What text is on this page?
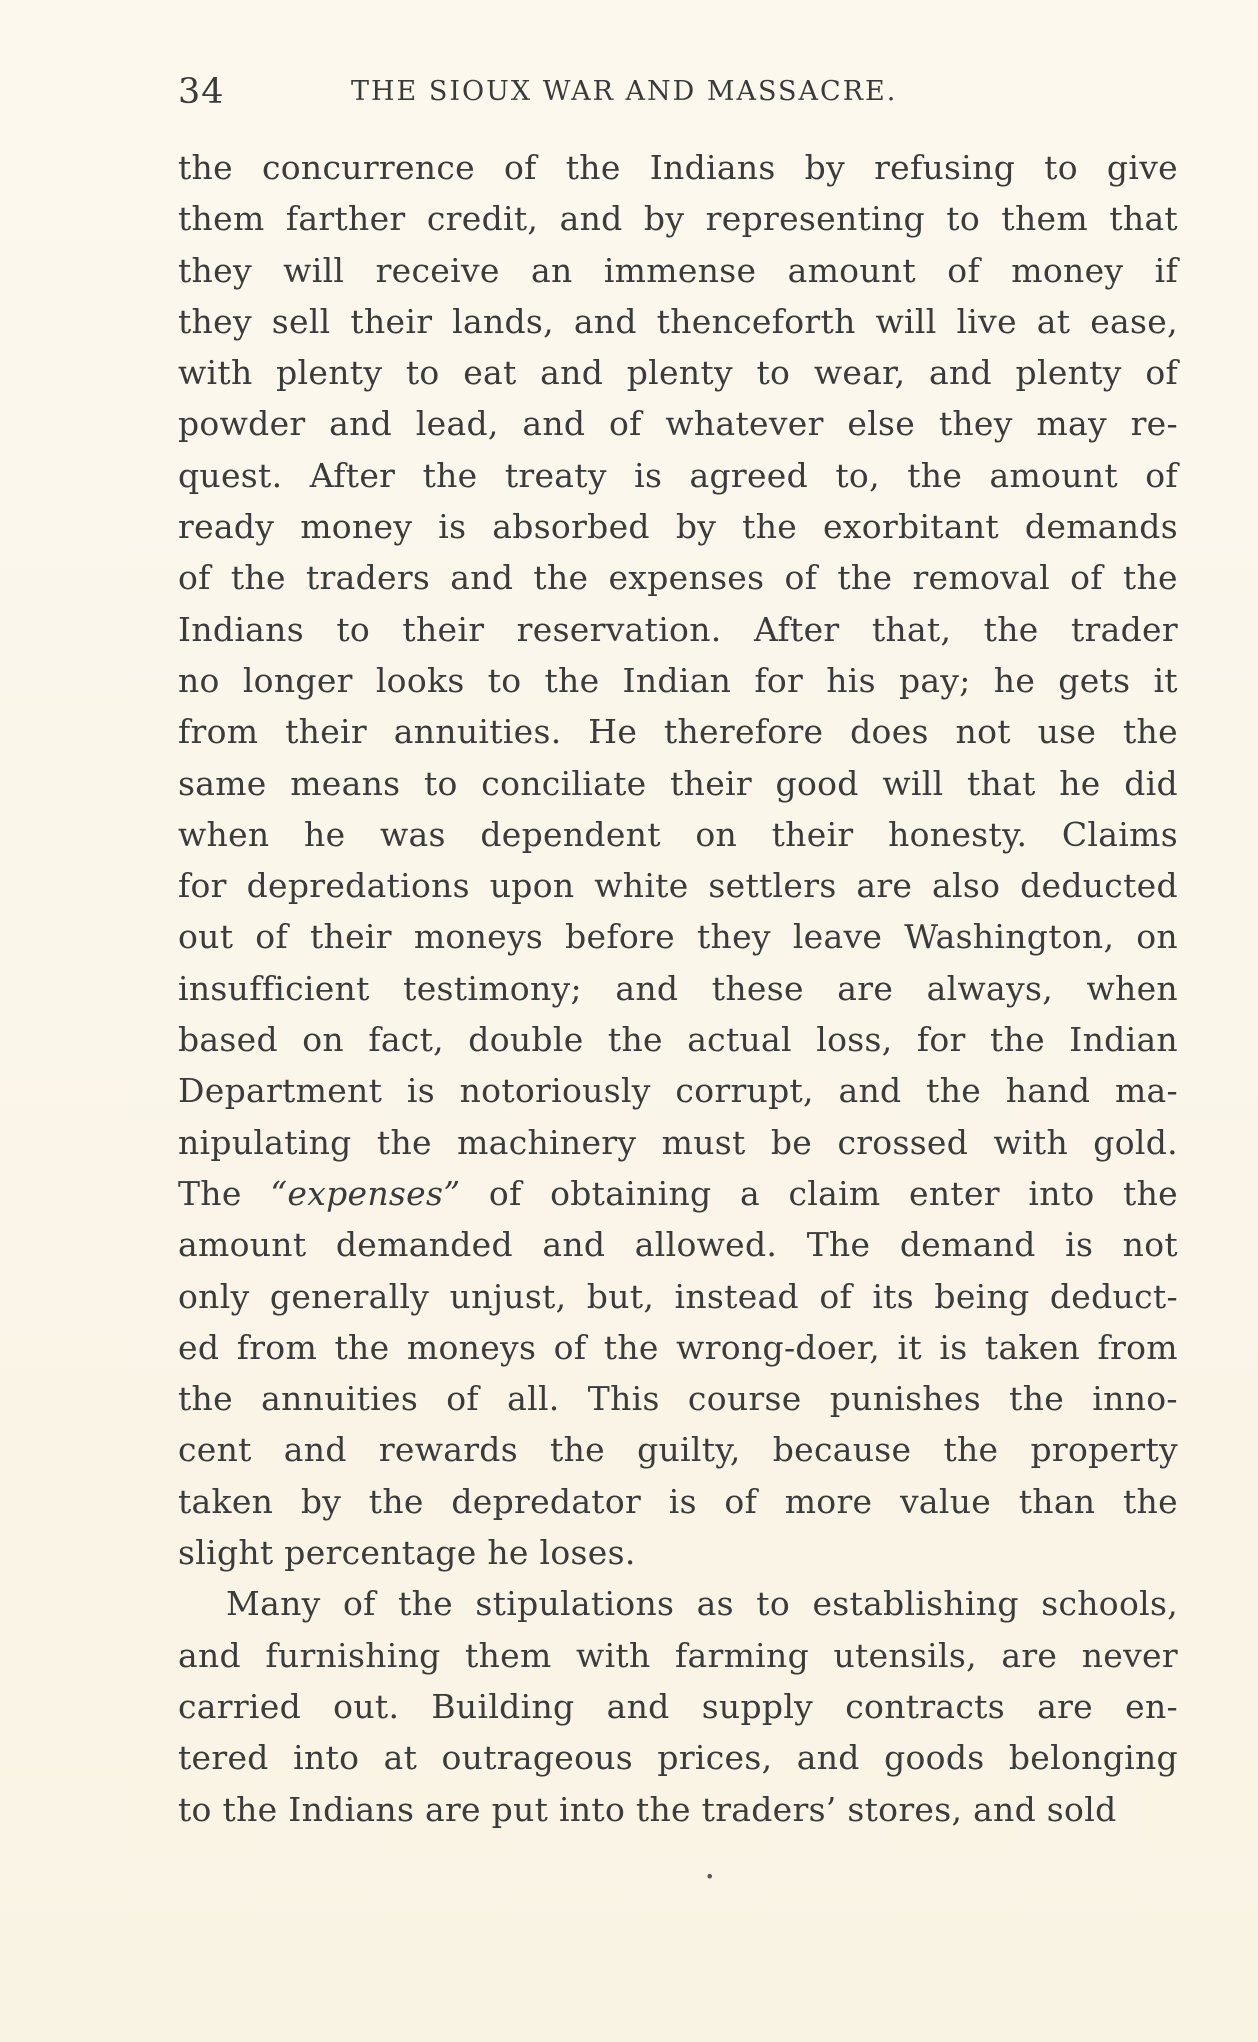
34	THE SIOUX WAR AND MASSACRE.
the concurrence of the Indians by refusing to give
them farther credit, and by representing to them that
they will receive an immense amount of money if
they sell their lands, and thenceforth will live at ease,
with plenty to eat and plenty to wear, and plenty of
powder and lead, and of whatever else they may re-
quest. After the treaty is agreed to, the amount of
ready money is absorbed by the exorbitant demands
of the traders and the expenses of the removal of the
Indians to their reservation. After that, the trader
no longer looks to the Indian for his pay; he gets it
from their annuities. He therefore does not use the
same means to conciliate their good will that he did
when he was dependent on their honesty. Claims
for depredations upon white settlers are also deducted
out of their moneys before they leave Washington, on
insufficient testimony; and these are always, when
based on fact, double the actual loss, for the Indian
Department is notoriously corrupt, and the hand ma-
nipulating the machinery must be crossed with gold.
The “expenses” of obtaining a claim enter into the
amount demanded and allowed. The demand is not
only generally unjust, but, instead of its being deduct-
ed from the moneys of the wrong-doer, it is taken from
the annuities of all. This course punishes the inno-
cent and rewards the guilty, because the property
taken by the depredator is of more value than the
slight percentage he loses.
Many of the stipulations as to establishing schools,
and furnishing them with farming utensils, are never
carried out. Building and supply contracts are en-
tered into at outrageous prices, and goods belonging
to the Indians are put into the traders’ stores, and sold
•
